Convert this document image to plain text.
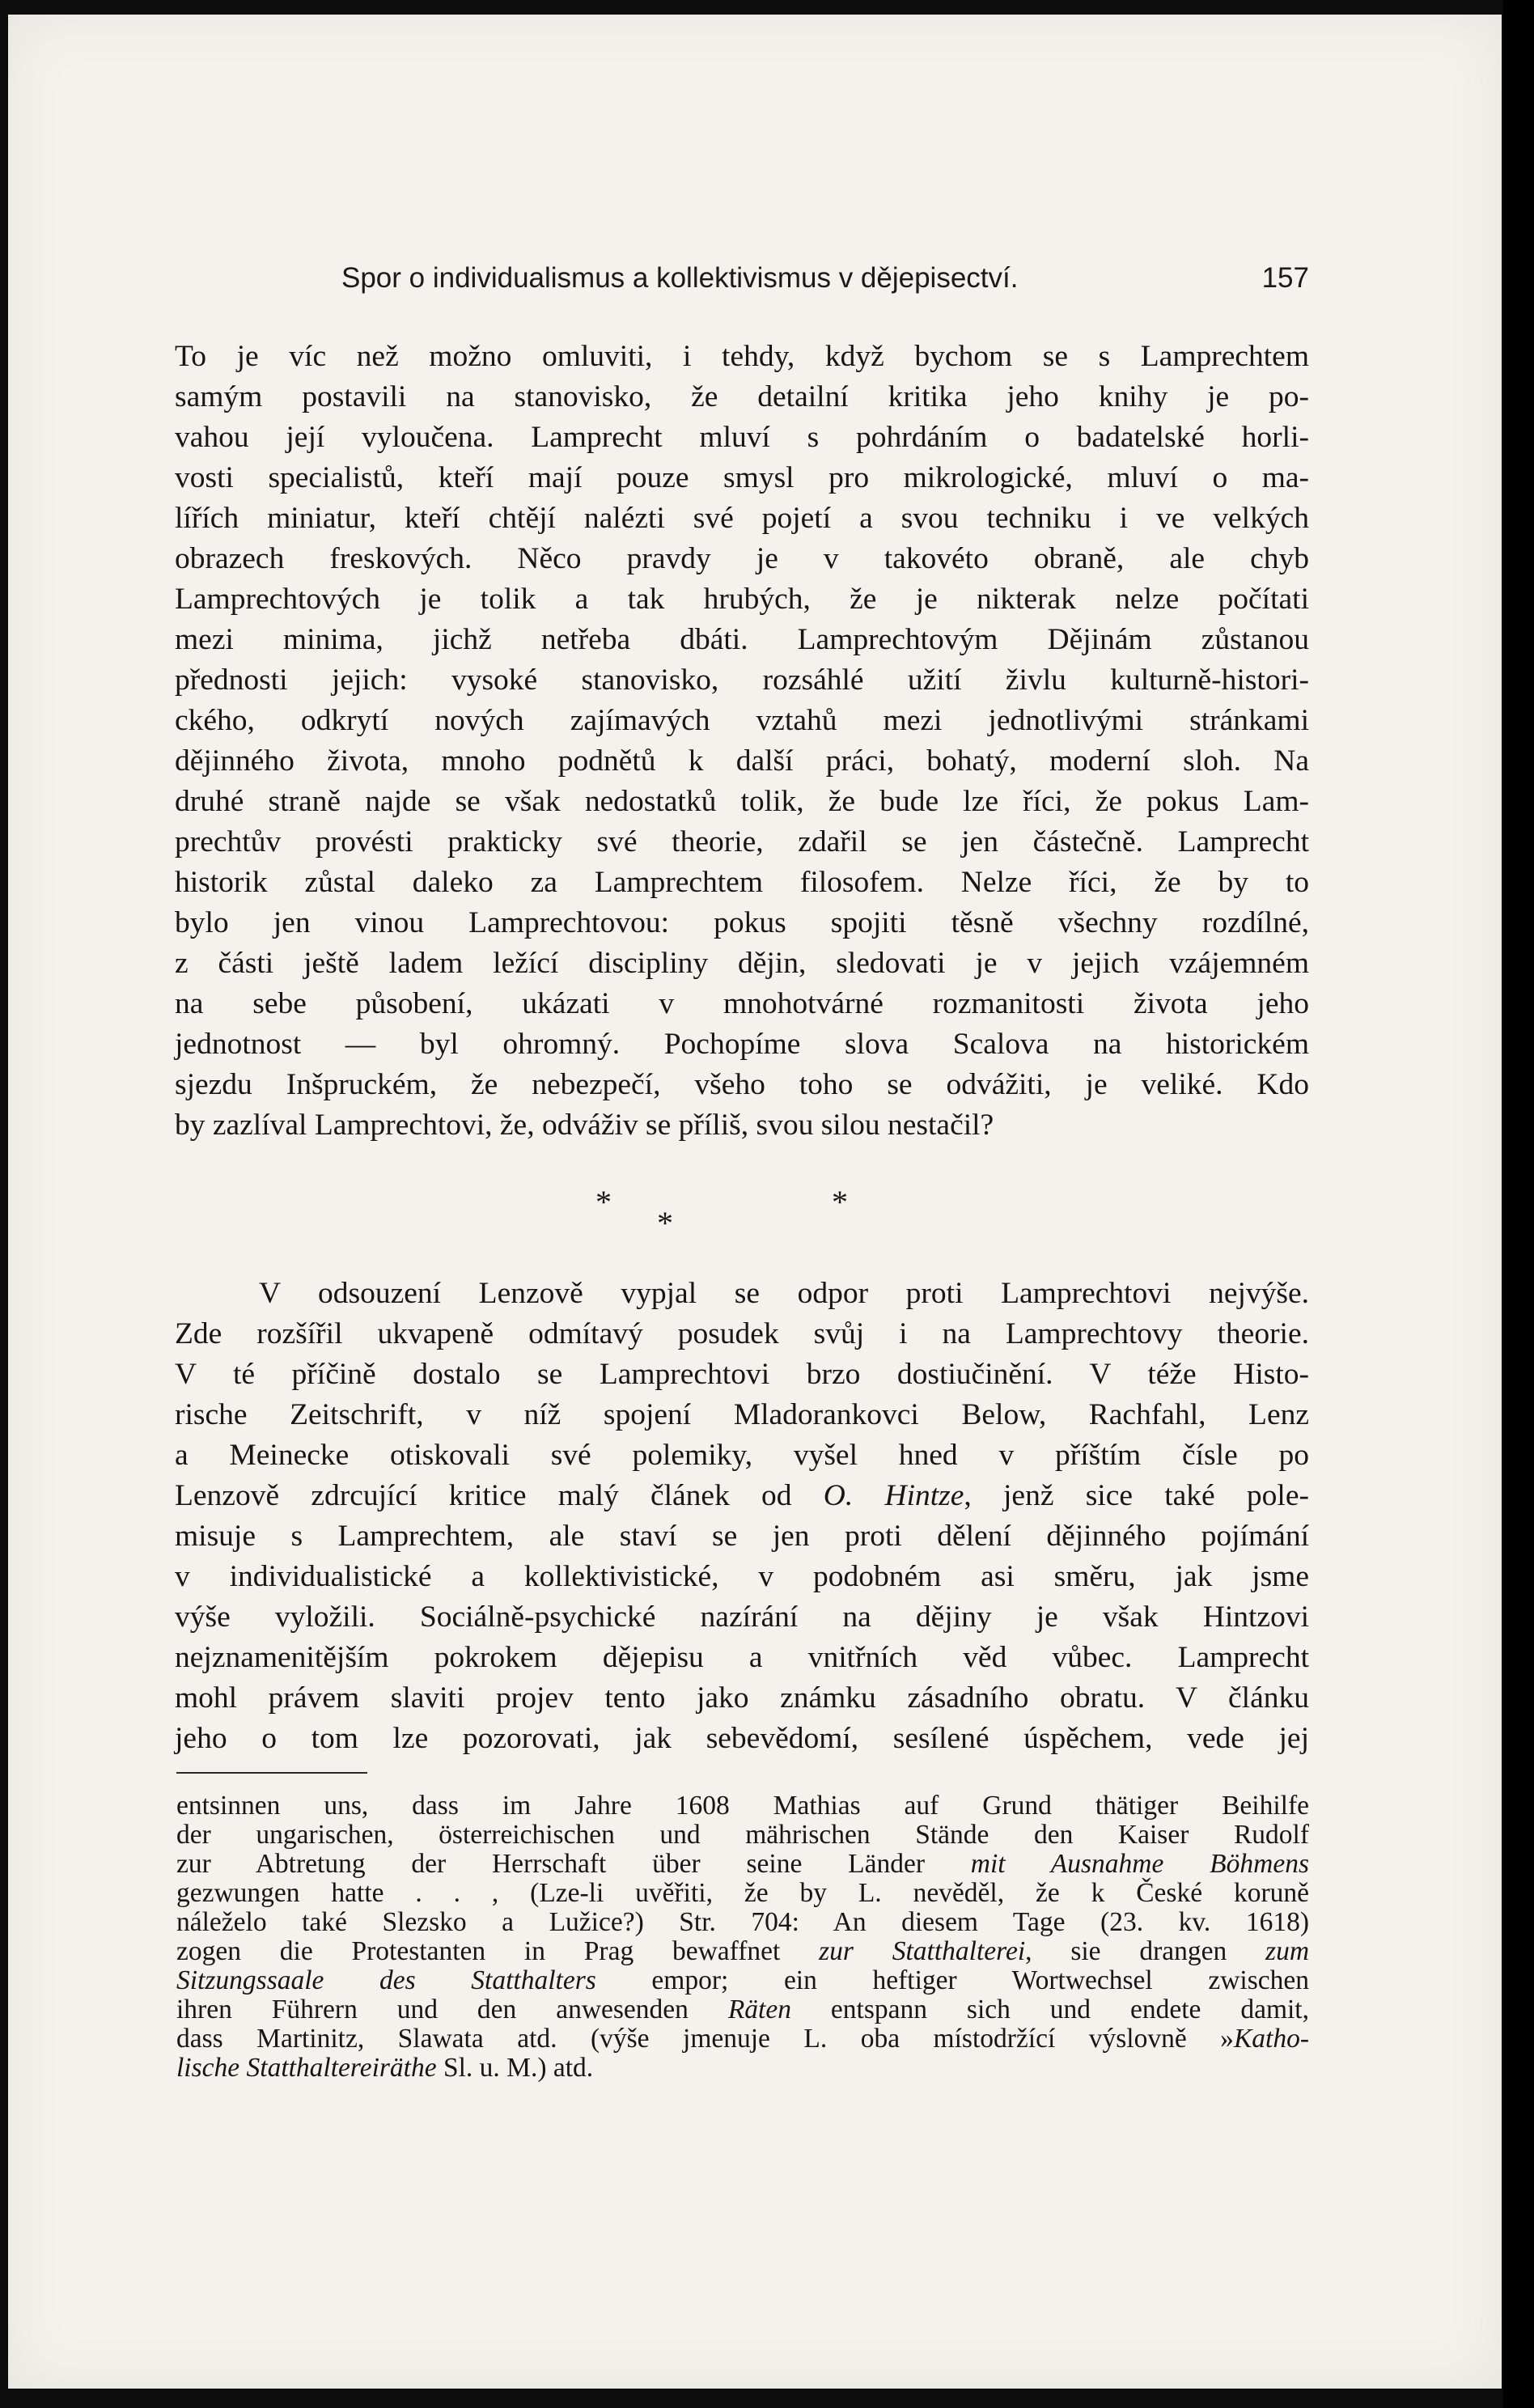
Spor o individualismus a kollektivismus v dějepisectví.	157
To je víc než možno omluviti, i tehdy, když bychom se s Lamprechtem
samým postavili na stanovisko, že detailní kritika jeho knihy je po-
vahou její vyloučena. Lamprecht mluví s pohrdáním o badatelské horli-
vosti specialistů, kteří mají pouze smysl pro mikrologické, mluví o ma-
lířích miniatur, kteří chtějí nalézti své pojetí a svou techniku i ve velkých
obrazech freskových. Něco pravdy je v takovéto obraně, ale chyb
Lamprechtových je tolik a tak hrubých, že je nikterak nelze počítati
mezi minima, jichž netřeba dbáti. Lamprechtovým Dějinám zůstanou
přednosti jejich: vysoké stanovisko, rozsáhlé užití živlu kulturně-histori-
ckého, odkrytí nových zajímavých vztahů mezi jednotlivými stránkami
dějinného života, mnoho podnětů k další práci, bohatý, moderní sloh. Na
druhé straně najde se však nedostatků tolik, že bude lze říci, že pokus Lam-
prechtův provésti prakticky své theorie, zdařil se jen částečně. Lamprecht
historik zůstal daleko za Lamprechtem filosofem. Nelze říci, že by to
bylo jen vinou Lamprechtovou: pokus spojiti těsně všechny rozdílné,
z části ještě ladem ležící discipliny dějin, sledovati je v jejich vzájemném
na sebe působení, ukázati v mnohotvárné rozmanitosti života jeho
jednotnost — byl ohromný. Pochopíme slova Scalova na historickém
sjezdu Inšpruckém, že nebezpečí, všeho toho se odvážiti, je veliké. Kdo
by zazlíval Lamprechtovi, že, odváživ se příliš, svou silou nestačil?
*
*
*
V odsouzení Lenzově vypjal se odpor proti Lamprechtovi nejvýše.
Zde rozšířil ukvapeně odmítavý posudek svůj i na Lamprechtovy theorie.
V té příčině dostalo se Lamprechtovi brzo dostiučinění. V téže Histo-
rische Zeitschrift, v níž spojení Mladorankovci Below, Rachfahl, Lenz
a Meinecke otiskovali své polemiky, vyšel hned v příštím čísle po
Lenzově zdrcující kritice malý článek od O. Hintze, jenž sice také pole-
misuje s Lamprechtem, ale staví se jen proti dělení dějinného pojímání
v individualistické a kollektivistické, v podobném asi směru, jak jsme
výše vyložili. Sociálně-psychické nazírání na dějiny je však Hintzovi
nejznamenitějším pokrokem dějepisu a vnitřních věd vůbec. Lamprecht
mohl právem slaviti projev tento jako známku zásadního obratu. V článku
jeho o tom lze pozorovati, jak sebevědomí, sesílené úspěchem, vede jej
entsinnen uns, dass im Jahre 1608 Mathias auf Grund thätiger Beihilfe
der ungarischen, österreichischen und mährischen Stände den Kaiser Rudolf
zur Abtretung der Herrschaft über seine Länder mit Ausnahme Böhmens
gezwungen hatte . . , (Lze-li uvěřiti, že by L. nevěděl, že k České koruně
náleželo také Slezsko a Lužice?) Str. 704: An diesem Tage (23. kv. 1618)
zogen die Protestanten in Prag bewaffnet zur Statthalterei, sie drangen zum
Sitzungssaale des Statthalters empor; ein heftiger Wortwechsel zwischen
ihren Führern und den anwesenden Räten entspann sich und endete damit,
dass Martinitz, Slawata atd. (výše jmenuje L. oba místodržící výslovně »Katho-
lische Statthaltereiräthe Sl. u. M.) atd.
